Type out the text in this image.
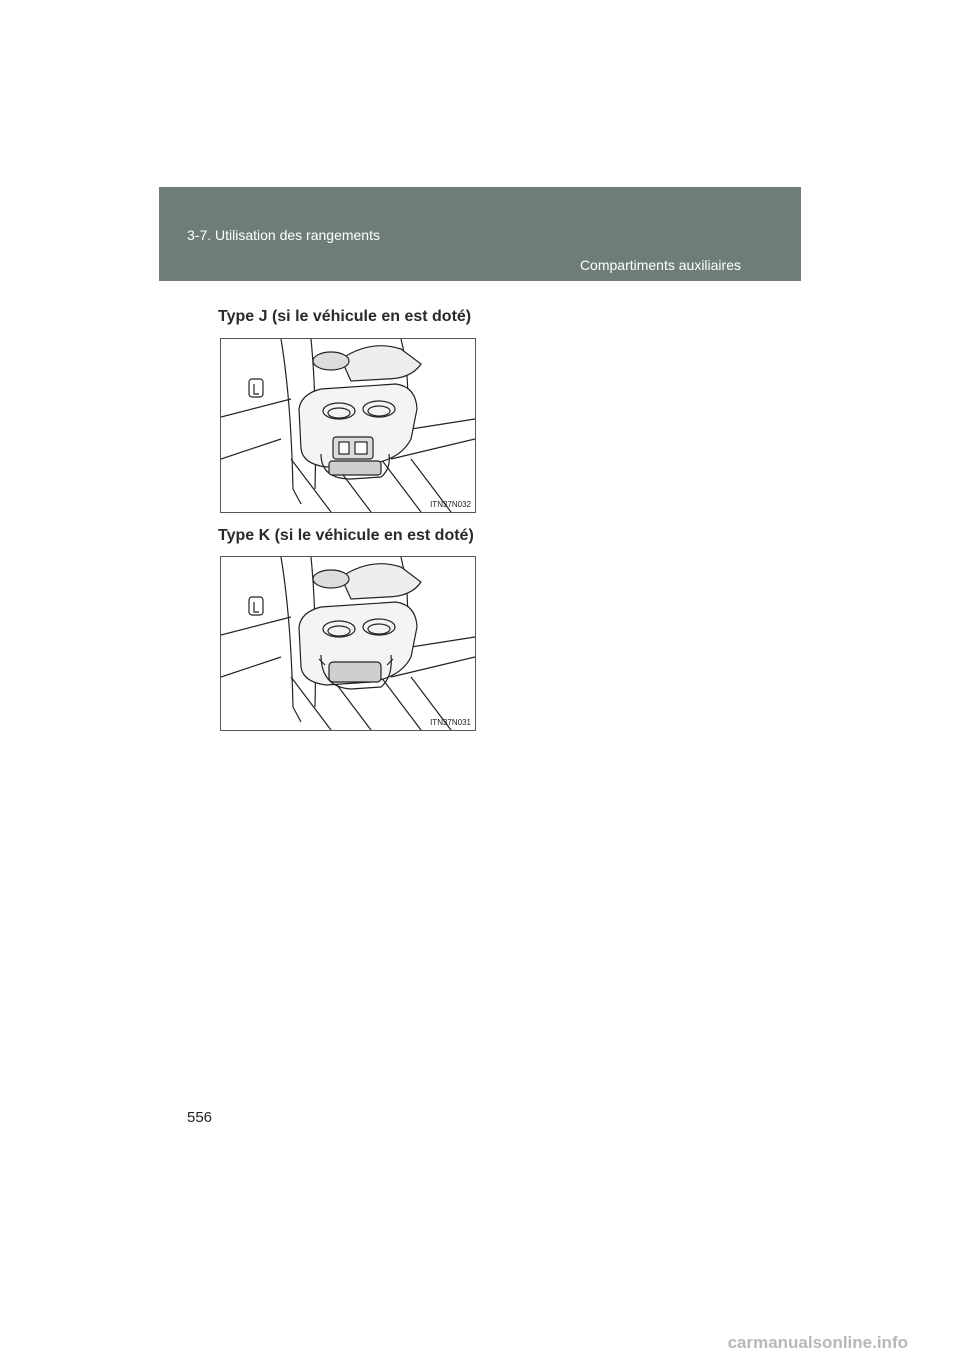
3-7. Utilisation des rangements
Compartiments auxiliaires
Type J (si le véhicule en est doté)
ITN37N032
Type K (si le véhicule en est doté)
ITN37N031
556
carmanualsonline.info
